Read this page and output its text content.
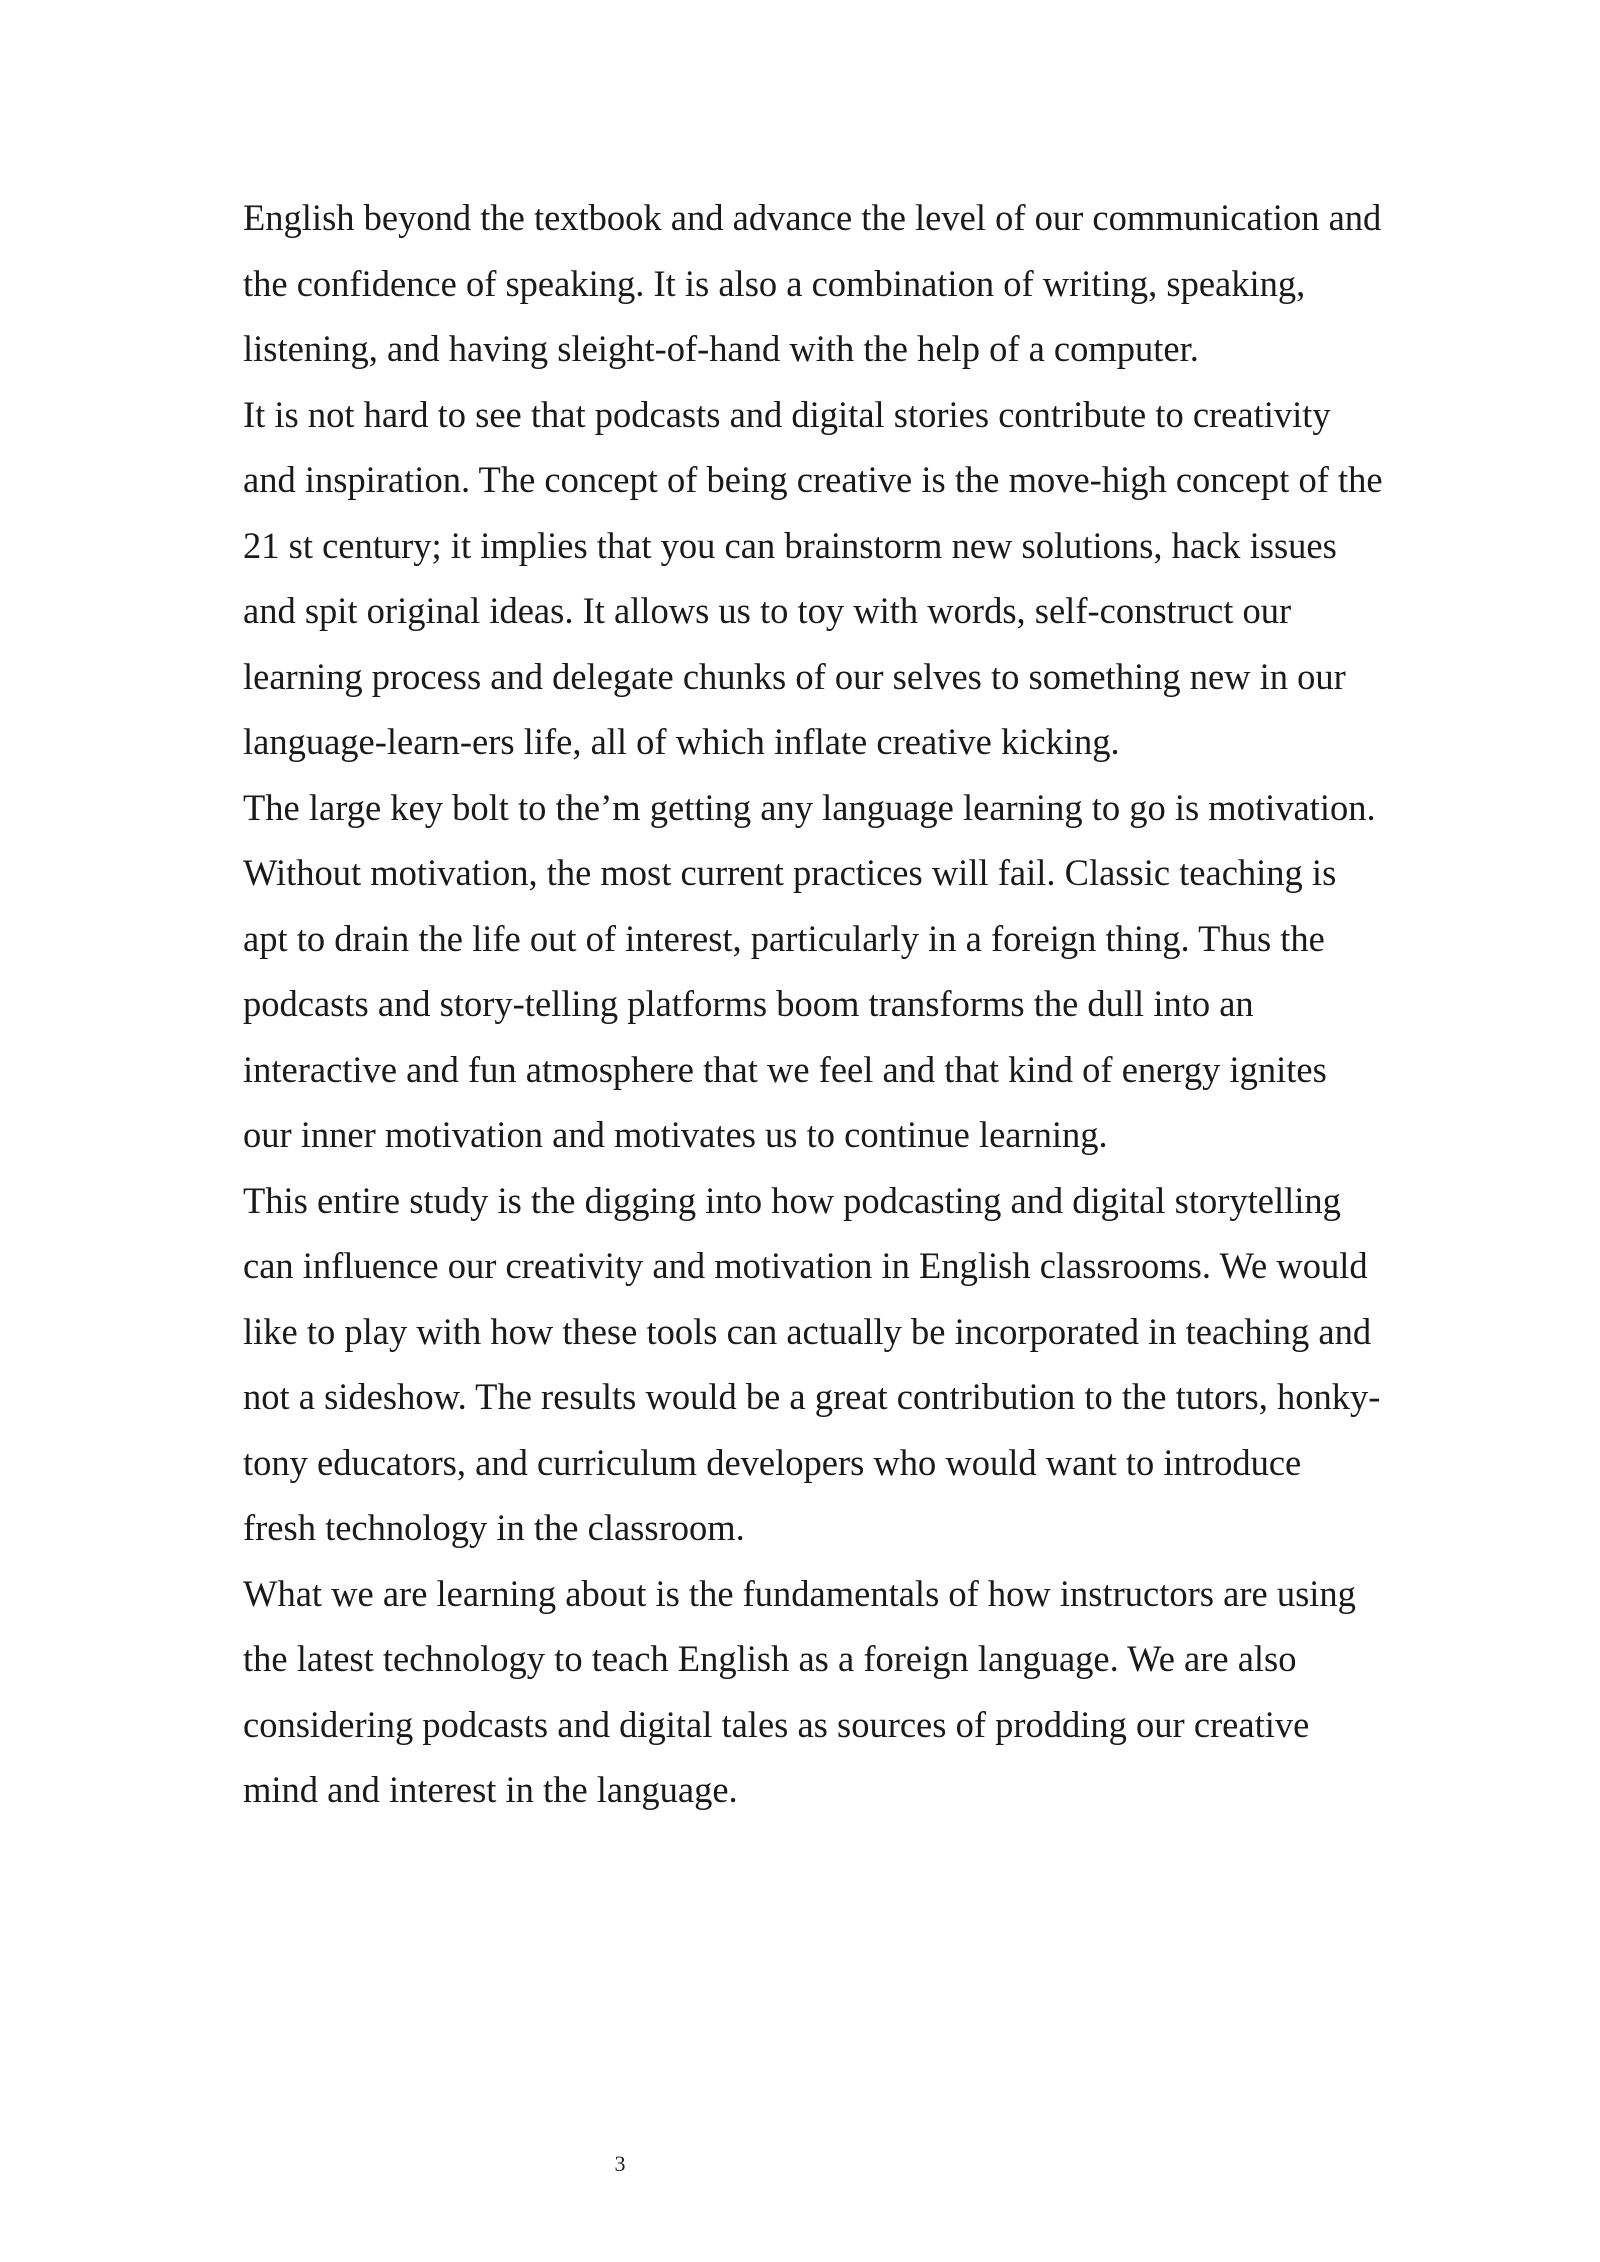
English beyond the textbook and advance the level of our communication and the confidence of speaking. It is also a combination of writing, speaking, listening, and having sleight-of-hand with the help of a computer.

It is not hard to see that podcasts and digital stories contribute to creativity and inspiration. The concept of being creative is the move-high concept of the 21 st century; it implies that you can brainstorm new solutions, hack issues and spit original ideas. It allows us to toy with words, self-construct our learning process and delegate chunks of our selves to something new in our language-learn-ers life, all of which inflate creative kicking.

The large key bolt to the’m getting any language learning to go is motivation. Without motivation, the most current practices will fail. Classic teaching is apt to drain the life out of interest, particularly in a foreign thing. Thus the podcasts and story-telling platforms boom transforms the dull into an interactive and fun atmosphere that we feel and that kind of energy ignites our inner motivation and motivates us to continue learning.

This entire study is the digging into how podcasting and digital storytelling can influence our creativity and motivation in English classrooms. We would like to play with how these tools can actually be incorporated in teaching and not a sideshow. The results would be a great contribution to the tutors, honky-tony educators, and curriculum developers who would want to introduce fresh technology in the classroom.

What we are learning about is the fundamentals of how instructors are using the latest technology to teach English as a foreign language. We are also considering podcasts and digital tales as sources of prodding our creative mind and interest in the language.

3
